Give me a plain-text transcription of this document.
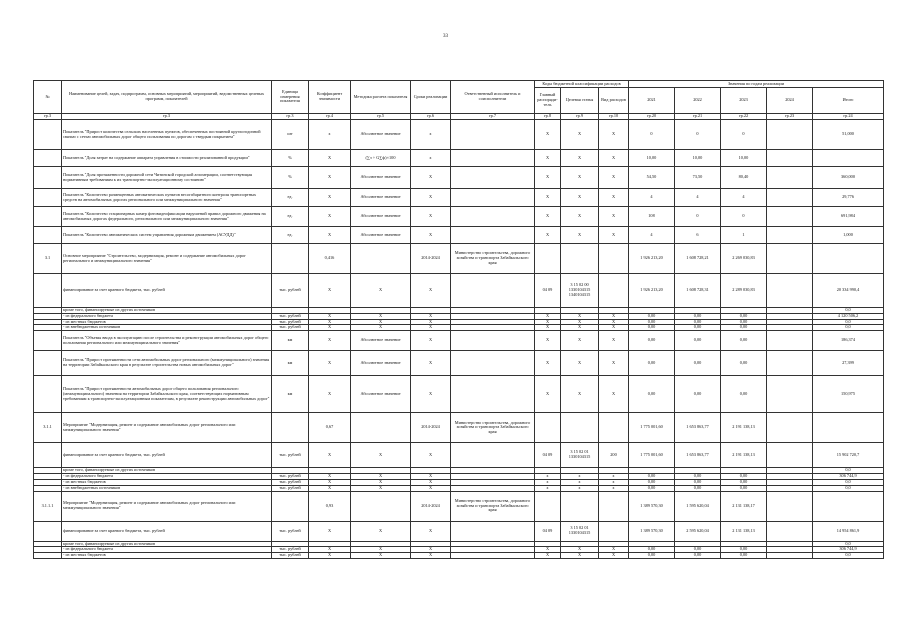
33
№	Наименование целей, задач, подпрограмм, основных мероприятий, мероприятий, ведомственных целевых программ, показателей	Единица измерения показателя	Коэффициент значимости	Методика расчета показателя	Сроки реализации	Ответственный исполнитель и соисполнители	Коды бюджетной классификации расходов			Значения по годам реализации				
							Главный распоряди-тель	Целевая статья	Вид расходов	2021	2022	2023	2024	Итого
гр.3	гр.3	гр.3	гр.4	гр.5	гр.6	гр.7	гр.8	гр.9	гр.10	гр.20	гр.21	гр.22	гр.23	гр.24
	Показатель "Прирост количества сельских населенных пунктов, обеспеченных постоянной круглогодичной связью с сетью автомобильных дорог общего пользования по дорогам с твердым покрытием"	шт	х	Абсолютное значение	х		Х	Х	Х	0	0	0		51,000
	Показатель "Доля затрат на содержание аппарата управления в стоимости реализованной продукции"	%	Х	(∑з ÷ G∑ф)×100	х		Х	Х	Х	10,00	10,00	10,00		
	Показатель "Доля протяженности дорожной сети Читинской городской агломерации, соответствующая нормативным требованиям к их транспортно-эксплуатационному состоянию"	%	Х	Абсолютное значение	Х		Х	Х	Х	54,50	73,50	80,40		360,000
	Показатель "Количество размещенных автоматических пунктов весогабаритного контроля транспортных средств на автомобильных дорогах регионального или межмуниципального значения"	ед.	Х	Абсолютное значение	Х		Х	Х	Х	4	4	4		29,776
	Показатель "Количество стационарных камер фотовидеофиксации нарушений правил дорожного движения на автомобильных дорогах федерального, регионального или межмуниципального значения"	ед.	Х	Абсолютное значение	Х		Х	Х	Х	108	0	0		691,984
	Показатель "Количество автоматических систем управления дорожным движением (АСУДД)"	ед.	Х	Абсолютное значение	Х		Х	Х	Х	4	6	1		1,000
3.1	Основное мероприятие "Строительство, модернизация, ремонт и содержание автомобильных дорог регионального и межмуниципального значения"		0,416		2014-2024	Министерство строительства, дорожного хозяйства и транспорта Забайкальского края				1 926 213,20	1 608 728,21	2 269 030,83		
	финансирование за счет краевого бюджета, тыс. рублей	тыс. рублей	Х	Х	Х		04 09	3 15 02 00 1330104315 1340104315		1 926 213,20	1 608 728,31	2 289 030,83		20 334 990,4
	кроме того, финансируемые из других источников													0,0
	- из федерального бюджета	тыс. рублей	Х	Х	Х		Х	Х	Х	0,00	0,00	0,00		4 120 506,2
	- из местных бюджетов	тыс. рублей	Х	Х	Х		Х	Х	Х	0,00	0,00	0,00		0,0
	- из внебюджетных источников	тыс. рублей	Х	Х	Х		Х	Х	Х	0,00	0,00	0,00		0,0
	Показатель "Объемы ввода в эксплуатацию после строительства и реконструкции автомобильных дорог общего пользования регионального или межмуниципального значения"	км	Х	Абсолютное значение	Х		Х	Х	Х	0,00	0,00	0,00		186,374
	Показатель "Прирост протяженности сети автомобильных дорог регионального (межмуниципального) значения на территории Забайкальского края в результате строительства новых автомобильных дорог"	км	Х	Абсолютное значение	Х		Х	Х	Х	0,00	0,00	0,00		27,399
	Показатель "Прирост протяженности автомобильных дорог общего пользования регионального (межмуниципального) значения на территории Забайкальского края, соответствующих нормативным требованиям к транспортно-эксплуатационным показателям, в результате реконструкции автомобильных дорог"	км	Х	Абсолютное значение	Х		Х	Х	Х	0,00	0,00	0,00		150,975
3.1.1	Мероприятие "Модернизация, ремонт и содержание автомобильных дорог регионального или межмуниципального значения"		0,67		2014-2024	Министерство строительства, дорожного хозяйства и транспорта Забайкальского края				1 775 001,60	1 653 863,77	2 191 138,13		
	финансирование за счет краевого бюджета, тыс. рублей	тыс. рублей	Х	Х	Х		04 09	3 15 02 01 1330104315	200	1 775 001,60	1 653 863,77	2 191 138,13		15 902 720,7
	кроме того, финансируемые из других источников													0,0
	- из федерального бюджета	тыс. рублей	Х	Х	Х		х	х	х	0,00	0,00	0,00		306 744,9
	- из местных бюджетов	тыс. рублей	Х	Х	Х		х	х	х	0,00	0,00	0,00		0,0
	- из внебюджетных источников	тыс. рублей	Х	Х	Х		х	х	х	0,00	0,00	0,00		0,0
3.1.1.1	Мероприятие "Модернизация, ремонт и содержание автомобильных дорог регионального или межмуниципального значения"		0,93		2014-2024	Министерство строительства, дорожного хозяйства и транспорта Забайкальского края				1 389 570,30	1 595 620,04	2 131 138,17		
	финансирование за счет краевого бюджета, тыс. рублей	тыс. рублей	Х	Х	Х		04 09	3 15 02 01 1330104315		1 389 570,30	2 595 620,04	2 131 138,13		14 954 861,9
	кроме того, финансируемые из других источников													0,0
	- из федерального бюджета	тыс. рублей	Х	Х	Х		Х	Х	Х	0,00	0,00	0,00		306 744,9
	- из местных бюджетов	тыс. рублей	Х	Х	Х		Х	Х	Х	0,00	0,00	0,00		0,0
